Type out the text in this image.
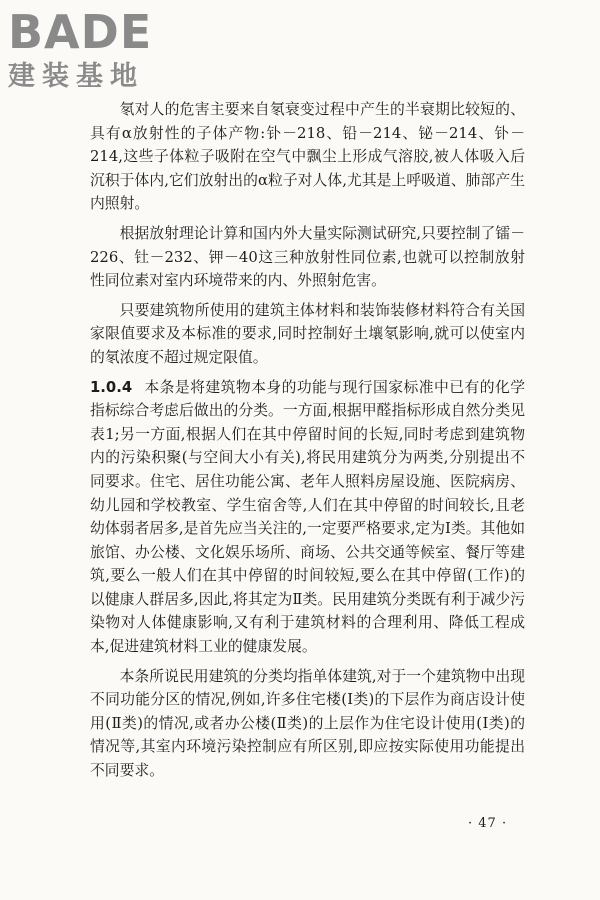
BADE
建装基地

氡对人的危害主要来自氡衰变过程中产生的半衰期比较短的、具有α放射性的子体产物:钋－218、铅－214、铋－214、钋－214,这些子体粒子吸附在空气中飘尘上形成气溶胶,被人体吸入后沉积于体内,它们放射出的α粒子对人体,尤其是上呼吸道、肺部产生内照射。

根据放射理论计算和国内外大量实际测试研究,只要控制了镭－226、钍－232、钾－40这三种放射性同位素,也就可以控制放射性同位素对室内环境带来的内、外照射危害。

只要建筑物所使用的建筑主体材料和装饰装修材料符合有关国家限值要求及本标准的要求,同时控制好土壤氡影响,就可以使室内的氡浓度不超过规定限值。

1.0.4 本条是将建筑物本身的功能与现行国家标准中已有的化学指标综合考虑后做出的分类。一方面,根据甲醛指标形成自然分类见表1;另一方面,根据人们在其中停留时间的长短,同时考虑到建筑物内的污染积聚(与空间大小有关),将民用建筑分为两类,分别提出不同要求。住宅、居住功能公寓、老年人照料房屋设施、医院病房、幼儿园和学校教室、学生宿舍等,人们在其中停留的时间较长,且老幼体弱者居多,是首先应当关注的,一定要严格要求,定为Ⅰ类。其他如旅馆、办公楼、文化娱乐场所、商场、公共交通等候室、餐厅等建筑,要么一般人们在其中停留的时间较短,要么在其中停留(工作)的以健康人群居多,因此,将其定为Ⅱ类。民用建筑分类既有利于减少污染物对人体健康影响,又有利于建筑材料的合理利用、降低工程成本,促进建筑材料工业的健康发展。

本条所说民用建筑的分类均指单体建筑,对于一个建筑物中出现不同功能分区的情况,例如,许多住宅楼(Ⅰ类)的下层作为商店设计使用(Ⅱ类)的情况,或者办公楼(Ⅱ类)的上层作为住宅设计使用(Ⅰ类)的情况等,其室内环境污染控制应有所区别,即应按实际使用功能提出不同要求。

· 47 ·
